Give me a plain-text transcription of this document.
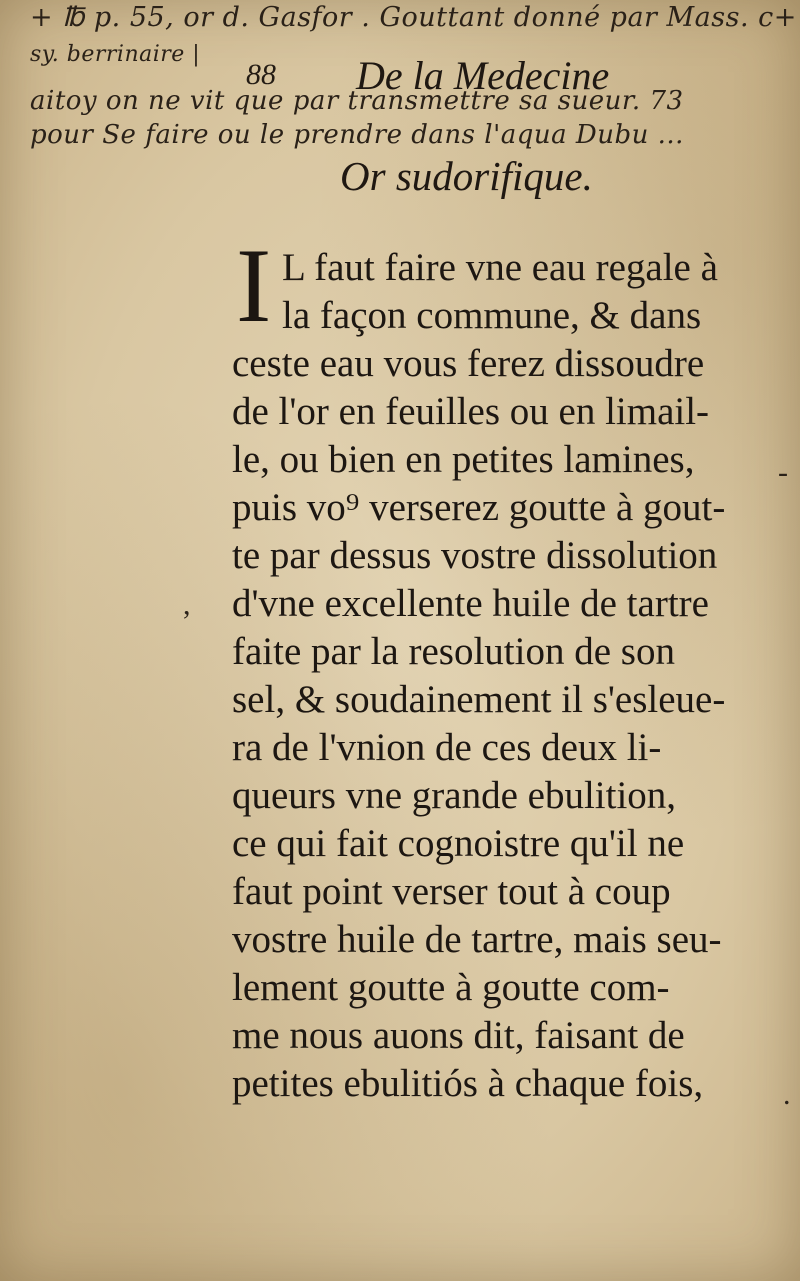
+ ℔ p. 55, or d. Gasfor . Gouttant donné par Mass. c+
sy. berrinaire |
aitoy on ne vit que par transmettre sa sueur. 73
pour Se faire ou le prendre dans l'aqua Dubu ...
88 De la Medecine
Or sudorifique.
I L faut faire vne eau regale à
la façon commune, & dans
ceste eau vous ferez dissoudre
de l'or en feuilles ou en limail-
le, ou bien en petites lamines,
puis vo⁹ verserez goutte à gout-
te par dessus vostre dissolution
d'vne excellente huile de tartre
faite par la resolution de son
sel, & soudainement il s'esleue-
ra de l'vnion de ces deux li-
queurs vne grande ebulition,
ce qui fait cognoistre qu'il ne
faut point verser tout à coup
vostre huile de tartre, mais seu-
lement goutte à goutte com-
me nous auons dit, faisant de
petites ebulitiós à chaque fois,
-
,
.
